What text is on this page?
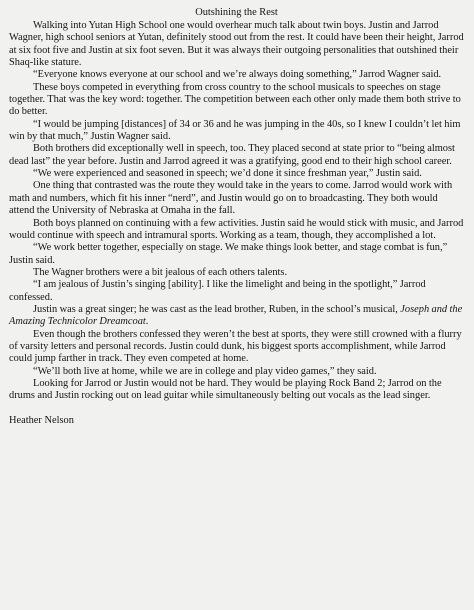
Outshining the Rest

Walking into Yutan High School one would overhear much talk about twin boys. Justin and Jarrod Wagner, high school seniors at Yutan, definitely stood out from the rest. It could have been their height, Jarrod at six foot five and Justin at six foot seven. But it was always their outgoing personalities that outshined their Shaq-like stature.

“Everyone knows everyone at our school and we’re always doing something,” Jarrod Wagner said.

These boys competed in everything from cross country to the school musicals to speeches on stage together. That was the key word: together. The competition between each other only made them both strive to do better.

“I would be jumping [distances] of 34 or 36 and he was jumping in the 40s, so I knew I couldn’t let him win by that much,” Justin Wagner said.

Both brothers did exceptionally well in speech, too. They placed second at state prior to “being almost dead last” the year before. Justin and Jarrod agreed it was a gratifying, good end to their high school career.

“We were experienced and seasoned in speech; we’d done it since freshman year,” Justin said.

One thing that contrasted was the route they would take in the years to come. Jarrod would work with math and numbers, which fit his inner “nerd”, and Justin would go on to broadcasting. They both would attend the University of Nebraska at Omaha in the fall.

Both boys planned on continuing with a few activities. Justin said he would stick with music, and Jarrod would continue with speech and intramural sports. Working as a team, though, they accomplished a lot.

“We work better together, especially on stage. We make things look better, and stage combat is fun,” Justin said.

The Wagner brothers were a bit jealous of each others talents.

“I am jealous of Justin’s singing [ability]. I like the limelight and being in the spotlight,” Jarrod confessed.

Justin was a great singer; he was cast as the lead brother, Ruben, in the school’s musical, Joseph and the Amazing Technicolor Dreamcoat.

Even though the brothers confessed they weren’t the best at sports, they were still crowned with a flurry of varsity letters and personal records. Justin could dunk, his biggest sports accomplishment, while Jarrod could jump farther in track. They even competed at home.

“We’ll both live at home, while we are in college and play video games,” they said.

Looking for Jarrod or Justin would not be hard. They would be playing Rock Band 2; Jarrod on the drums and Justin rocking out on lead guitar while simultaneously belting out vocals as the lead singer.

Heather Nelson
